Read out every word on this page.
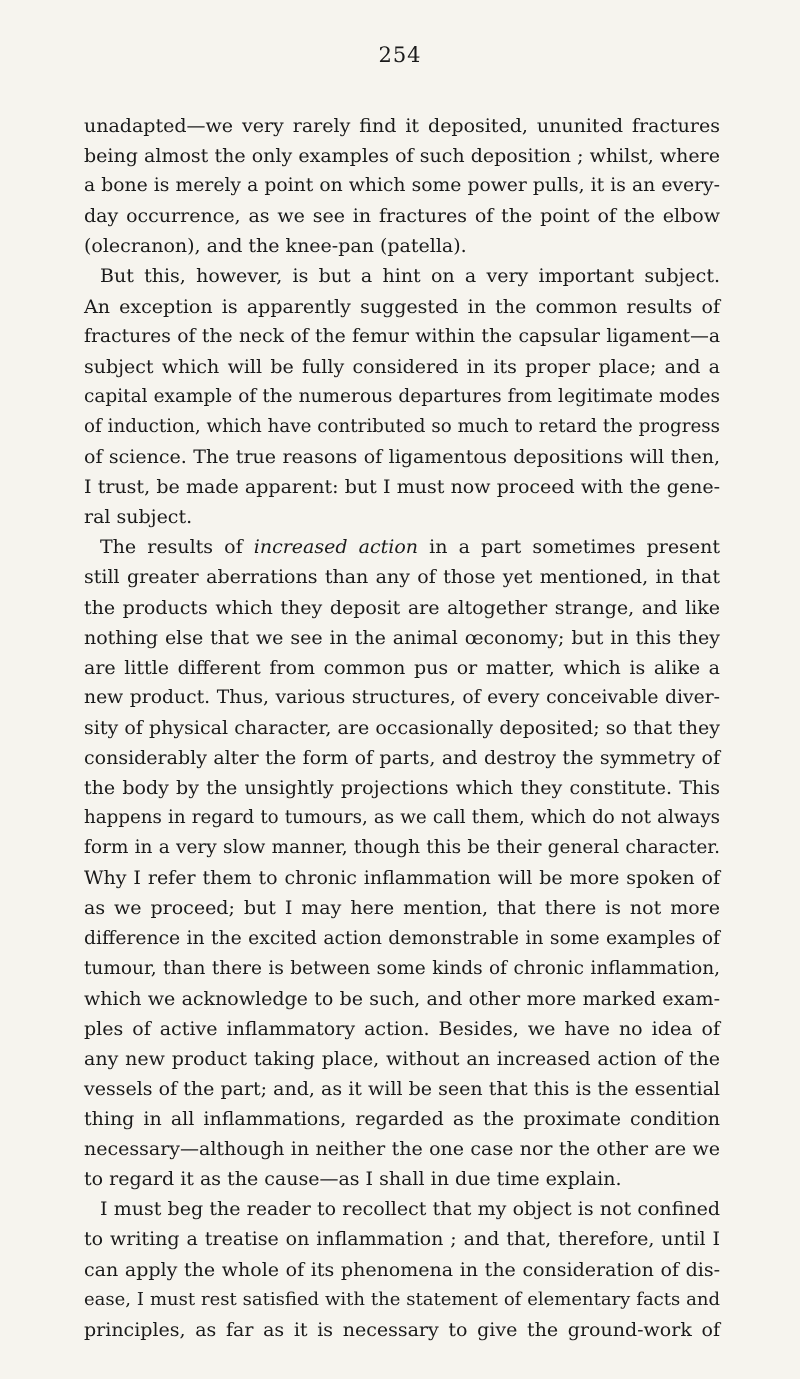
254
unadapted—we very rarely find it deposited, ununited fractures
being almost the only examples of such deposition ; whilst, where
a bone is merely a point on which some power pulls, it is an every-
day occurrence, as we see in fractures of the point of the elbow
(olecranon), and the knee-pan (patella).
But this, however, is but a hint on a very important subject.
An exception is apparently suggested in the common results of
fractures of the neck of the femur within the capsular ligament—a
subject which will be fully considered in its proper place; and a
capital example of the numerous departures from legitimate modes
of induction, which have contributed so much to retard the progress
of science. The true reasons of ligamentous depositions will then,
I trust, be made apparent: but I must now proceed with the gene-
ral subject.
The results of increased action in a part sometimes present
still greater aberrations than any of those yet mentioned, in that
the products which they deposit are altogether strange, and like
nothing else that we see in the animal œconomy; but in this they
are little different from common pus or matter, which is alike a
new product. Thus, various structures, of every conceivable diver-
sity of physical character, are occasionally deposited; so that they
considerably alter the form of parts, and destroy the symmetry of
the body by the unsightly projections which they constitute. This
happens in regard to tumours, as we call them, which do not always
form in a very slow manner, though this be their general character.
Why I refer them to chronic inflammation will be more spoken of
as we proceed; but I may here mention, that there is not more
difference in the excited action demonstrable in some examples of
tumour, than there is between some kinds of chronic inflammation,
which we acknowledge to be such, and other more marked exam-
ples of active inflammatory action. Besides, we have no idea of
any new product taking place, without an increased action of the
vessels of the part; and, as it will be seen that this is the essential
thing in all inflammations, regarded as the proximate condition
necessary—although in neither the one case nor the other are we
to regard it as the cause—as I shall in due time explain.
I must beg the reader to recollect that my object is not confined
to writing a treatise on inflammation ; and that, therefore, until I
can apply the whole of its phenomena in the consideration of dis-
ease, I must rest satisfied with the statement of elementary facts and
principles, as far as it is necessary to give the ground-work of
